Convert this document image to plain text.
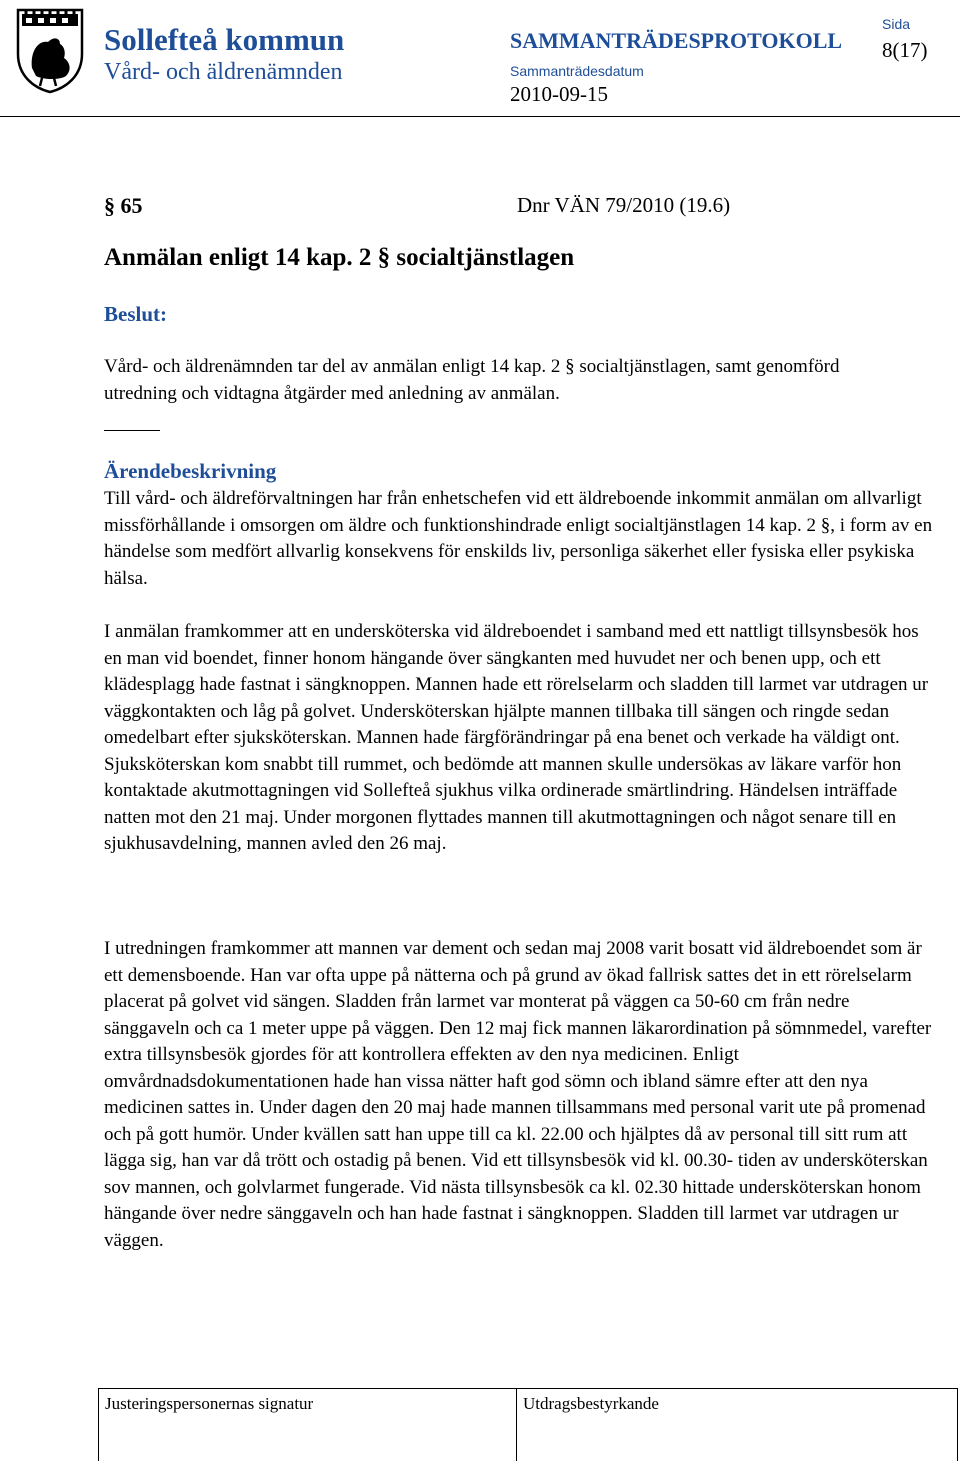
Sollefteå kommun
Vård- och äldrenämnden
SAMMANTRÄDESPROTOKOLL
Sammanträdesdatum
2010-09-15
Sida
8(17)
§ 65	Dnr VÄN 79/2010 (19.6)
Anmälan enligt 14 kap. 2 § socialtjänstlagen
Beslut:
Vård- och äldrenämnden tar del av anmälan enligt 14 kap. 2 § socialtjänstlagen, samt genomförd utredning och vidtagna åtgärder med anledning av anmälan.
Ärendebeskrivning
Till vård- och äldreförvaltningen har från enhetschefen vid ett äldreboende inkommit anmälan om allvarligt missförhållande i omsorgen om äldre och funktionshindrade enligt socialtjänstlagen 14 kap. 2 §, i form av en händelse som medfört allvarlig konsekvens för enskilds liv, personliga säkerhet eller fysiska eller psykiska hälsa.
I anmälan framkommer att en undersköterska vid äldreboendet i samband med ett nattligt tillsynsbesök hos en man vid boendet, finner honom hängande över sängkanten med huvudet ner och benen upp, och ett klädesplagg hade fastnat i sängknoppen. Mannen hade ett rörelselarm och sladden till larmet var utdragen ur väggkontakten och låg på golvet. Undersköterskan hjälpte mannen tillbaka till sängen och ringde sedan omedelbart efter sjuksköterskan. Mannen hade färgförändringar på ena benet och verkade ha väldigt ont. Sjuksköterskan kom snabbt till rummet, och bedömde att mannen skulle undersökas av läkare varför hon kontaktade akutmottagningen vid Sollefteå sjukhus vilka ordinerade smärtlindring. Händelsen inträffade natten mot den 21 maj. Under morgonen flyttades mannen till akutmottagningen och något senare till en sjukhusavdelning, mannen avled den 26 maj.
I utredningen framkommer att mannen var dement och sedan maj 2008 varit bosatt vid äldreboendet som är ett demensboende. Han var ofta uppe på nätterna och på grund av ökad fallrisk sattes det in ett rörelselarm placerat på golvet vid sängen. Sladden från larmet var monterat på väggen ca 50-60 cm från nedre sänggaveln och ca 1 meter uppe på väggen. Den 12 maj fick mannen läkarordination på sömnmedel, varefter extra tillsynsbesök gjordes för att kontrollera effekten av den nya medicinen. Enligt omvårdnadsdokumentationen hade han vissa nätter haft god sömn och ibland sämre efter att den nya medicinen sattes in. Under dagen den 20 maj hade mannen tillsammans med personal varit ute på promenad och på gott humör. Under kvällen satt han uppe till ca kl. 22.00 och hjälptes då av personal till sitt rum att lägga sig, han var då trött och ostadig på benen. Vid ett tillsynsbesök vid kl. 00.30- tiden av undersköterskan sov mannen, och golvlarmet fungerade. Vid nästa tillsynsbesök ca kl. 02.30 hittade undersköterskan honom hängande över nedre sänggaveln och han hade fastnat i sängknoppen. Sladden till larmet var utdragen ur väggen.
Justeringspersonernas signatur	Utdragsbestyrkande
